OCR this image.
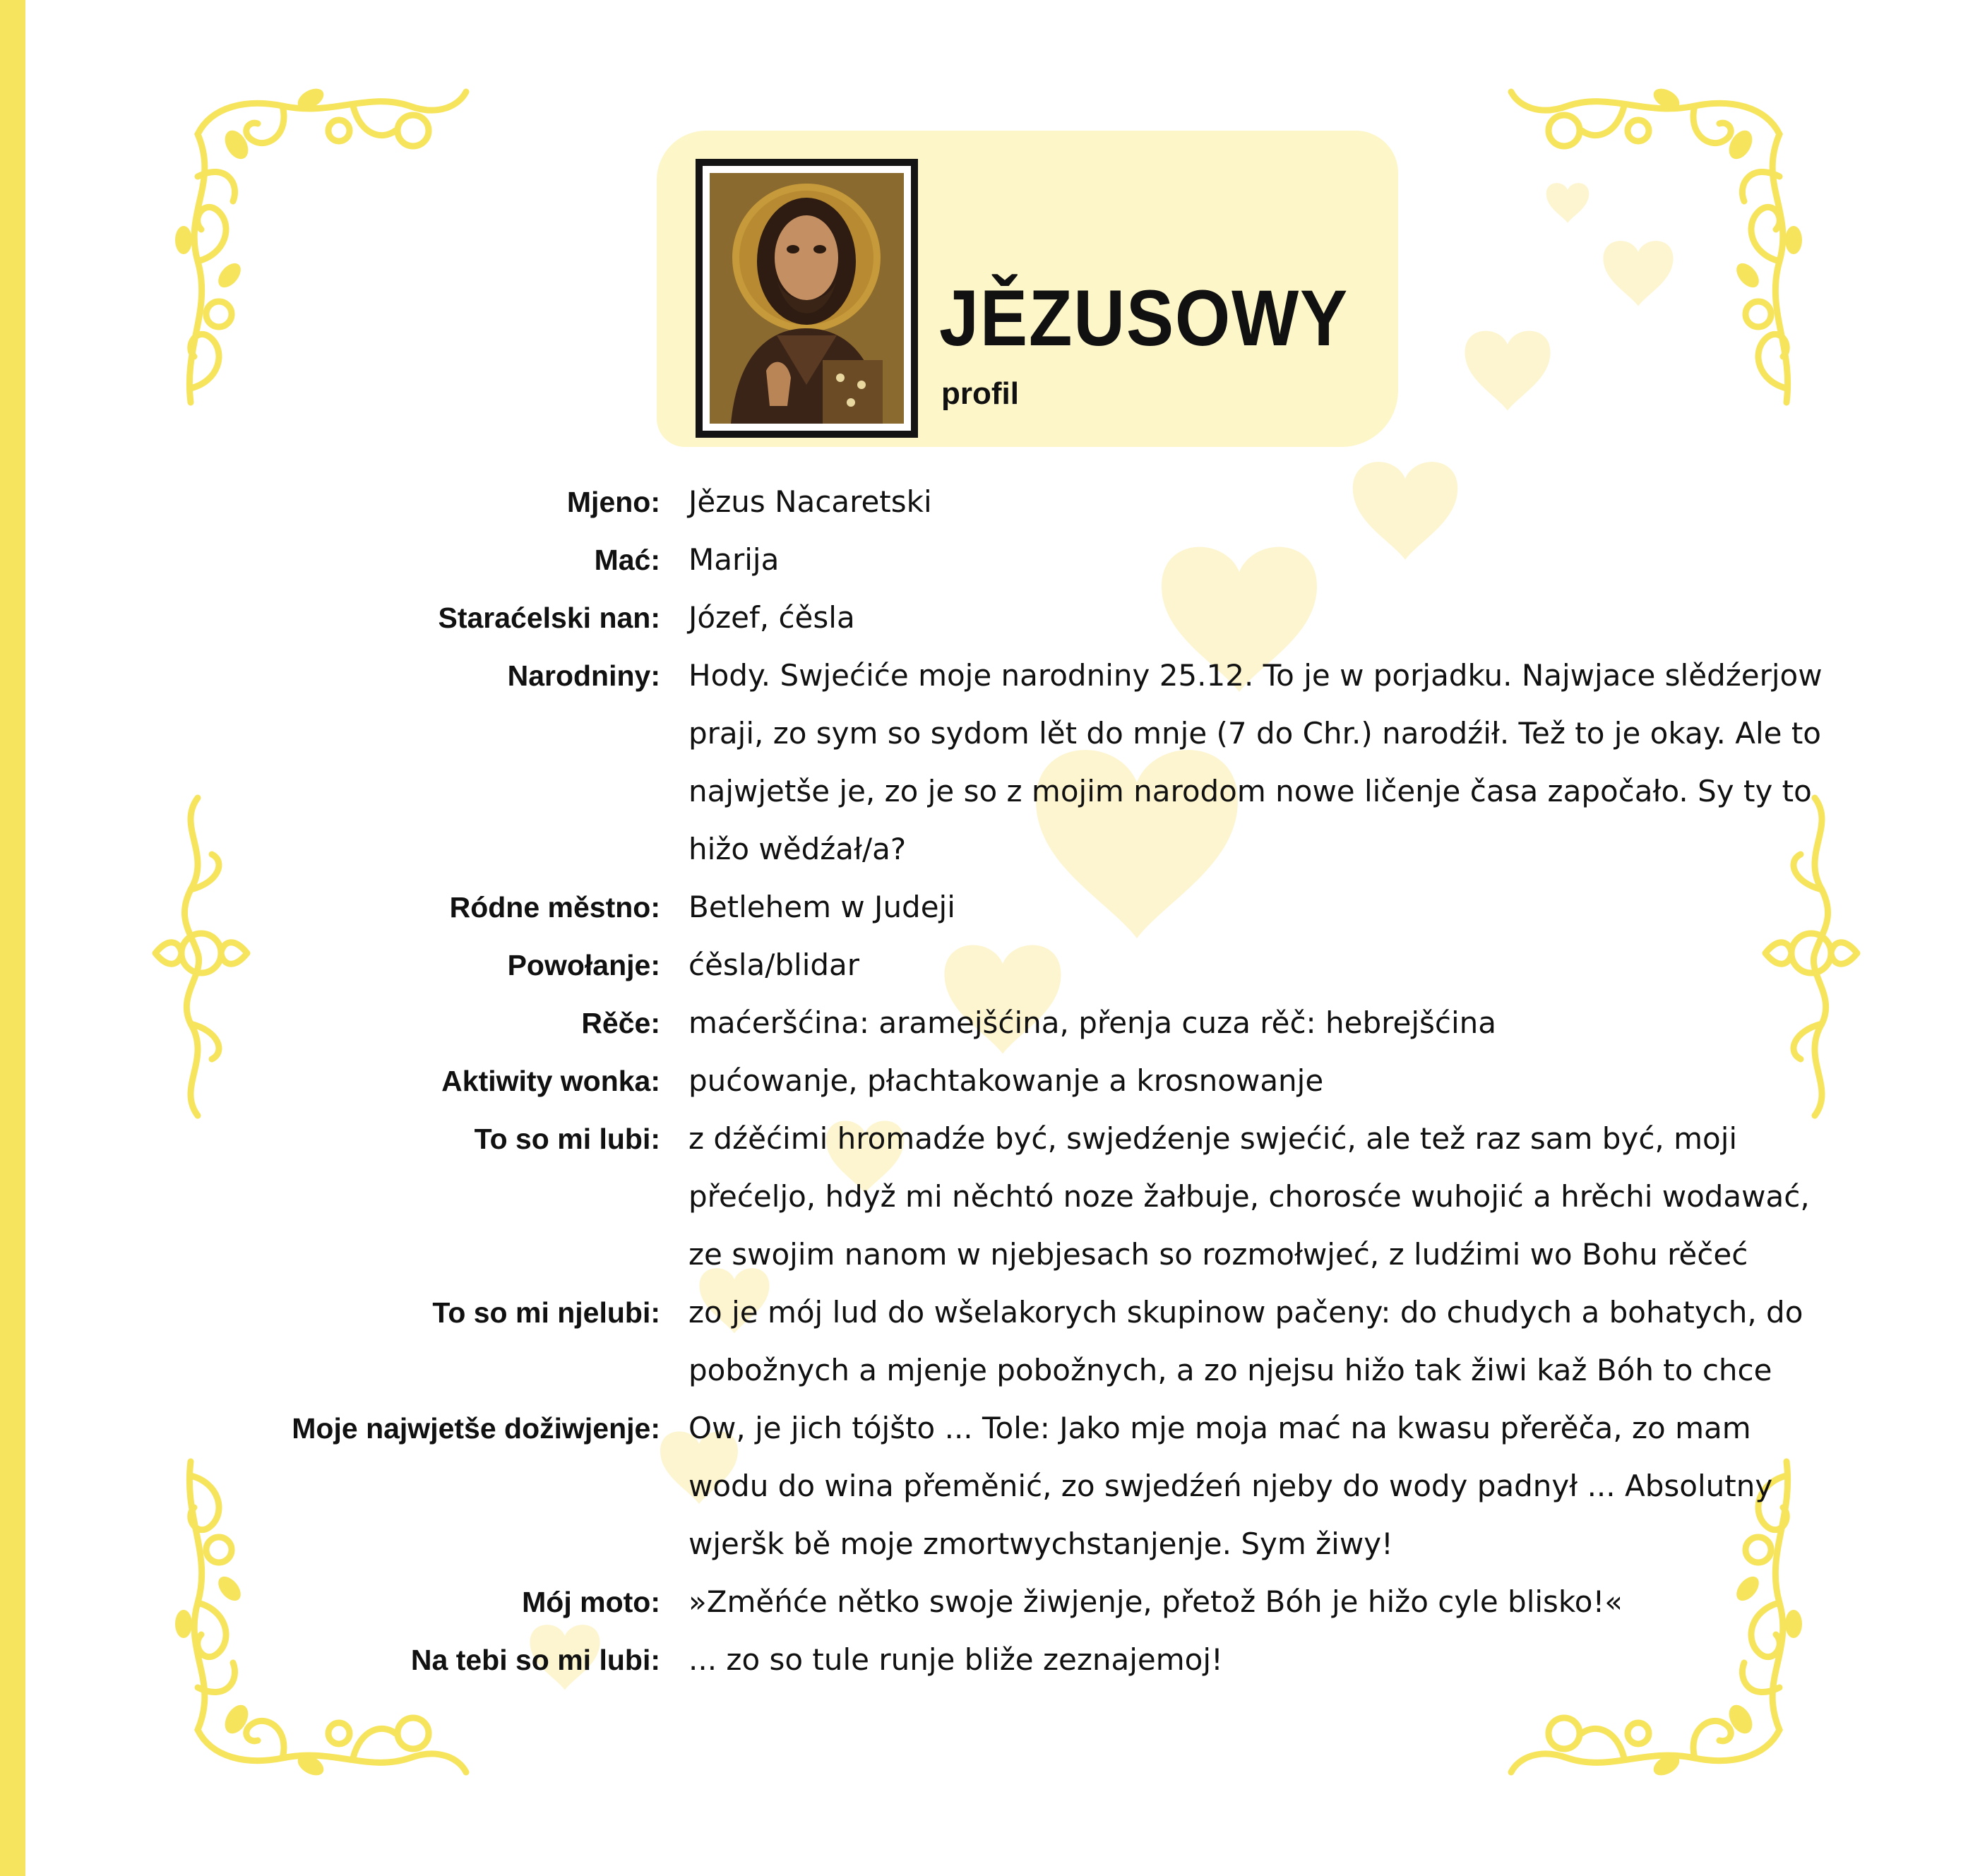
JĚZUSOWY
profil
Mjeno: Jězus Nacaretski
Mać: Marija
Staraćelski nan: Józef, ćěsla
Narodniny: Hody. Swjećiće moje narodniny 25.12. To je w porjadku. Najwjace slědźerjow praji, zo sym so sydom lět do mnje (7 do Chr.) narodźił. Tež to je okay. Ale to najwjetše je, zo je so z mojim narodom nowe ličenje časa započało. Sy ty to hižo wědźał/a?
Ródne městno: Betlehem w Judeji
Powołanje: ćěsla/blidar
Rěče: maćeršćina: aramejšćina, přenja cuza rěč: hebrejšćina
Aktiwity wonka: pućowanje, płachtakowanje a krosnowanje
To so mi lubi: z dźěćimi hromadźe być, swjedźenje swjećić, ale tež raz sam być, moji přećeljo, hdyž mi něchtó noze žałbuje, chorosće wuhojić a hrěchi wodawać, ze swojim nanom w njebjesach so rozmołwjeć, z ludźimi wo Bohu rěčeć
To so mi njelubi: zo je mój lud do wšelakorych skupinow pačeny: do chudych a bohatych, do pobožnych a mjenje pobožnych, a zo njejsu hižo tak žiwi kaž Bóh to chce
Moje najwjetše dožiwjenje: Ow, je jich tójšto ... Tole: Jako mje moja mać na kwasu přerěča, zo mam wodu do wina přeměnić, zo swjedźeń njeby do wody padnył ... Absolutny wjeršk bě moje zmortwychstanjenje. Sym žiwy!
Mój moto: »Změńće nětko swoje žiwjenje, přetož Bóh je hižo cyle blisko!«
Na tebi so mi lubi: ... zo so tule runje bliže zeznajemoj!
